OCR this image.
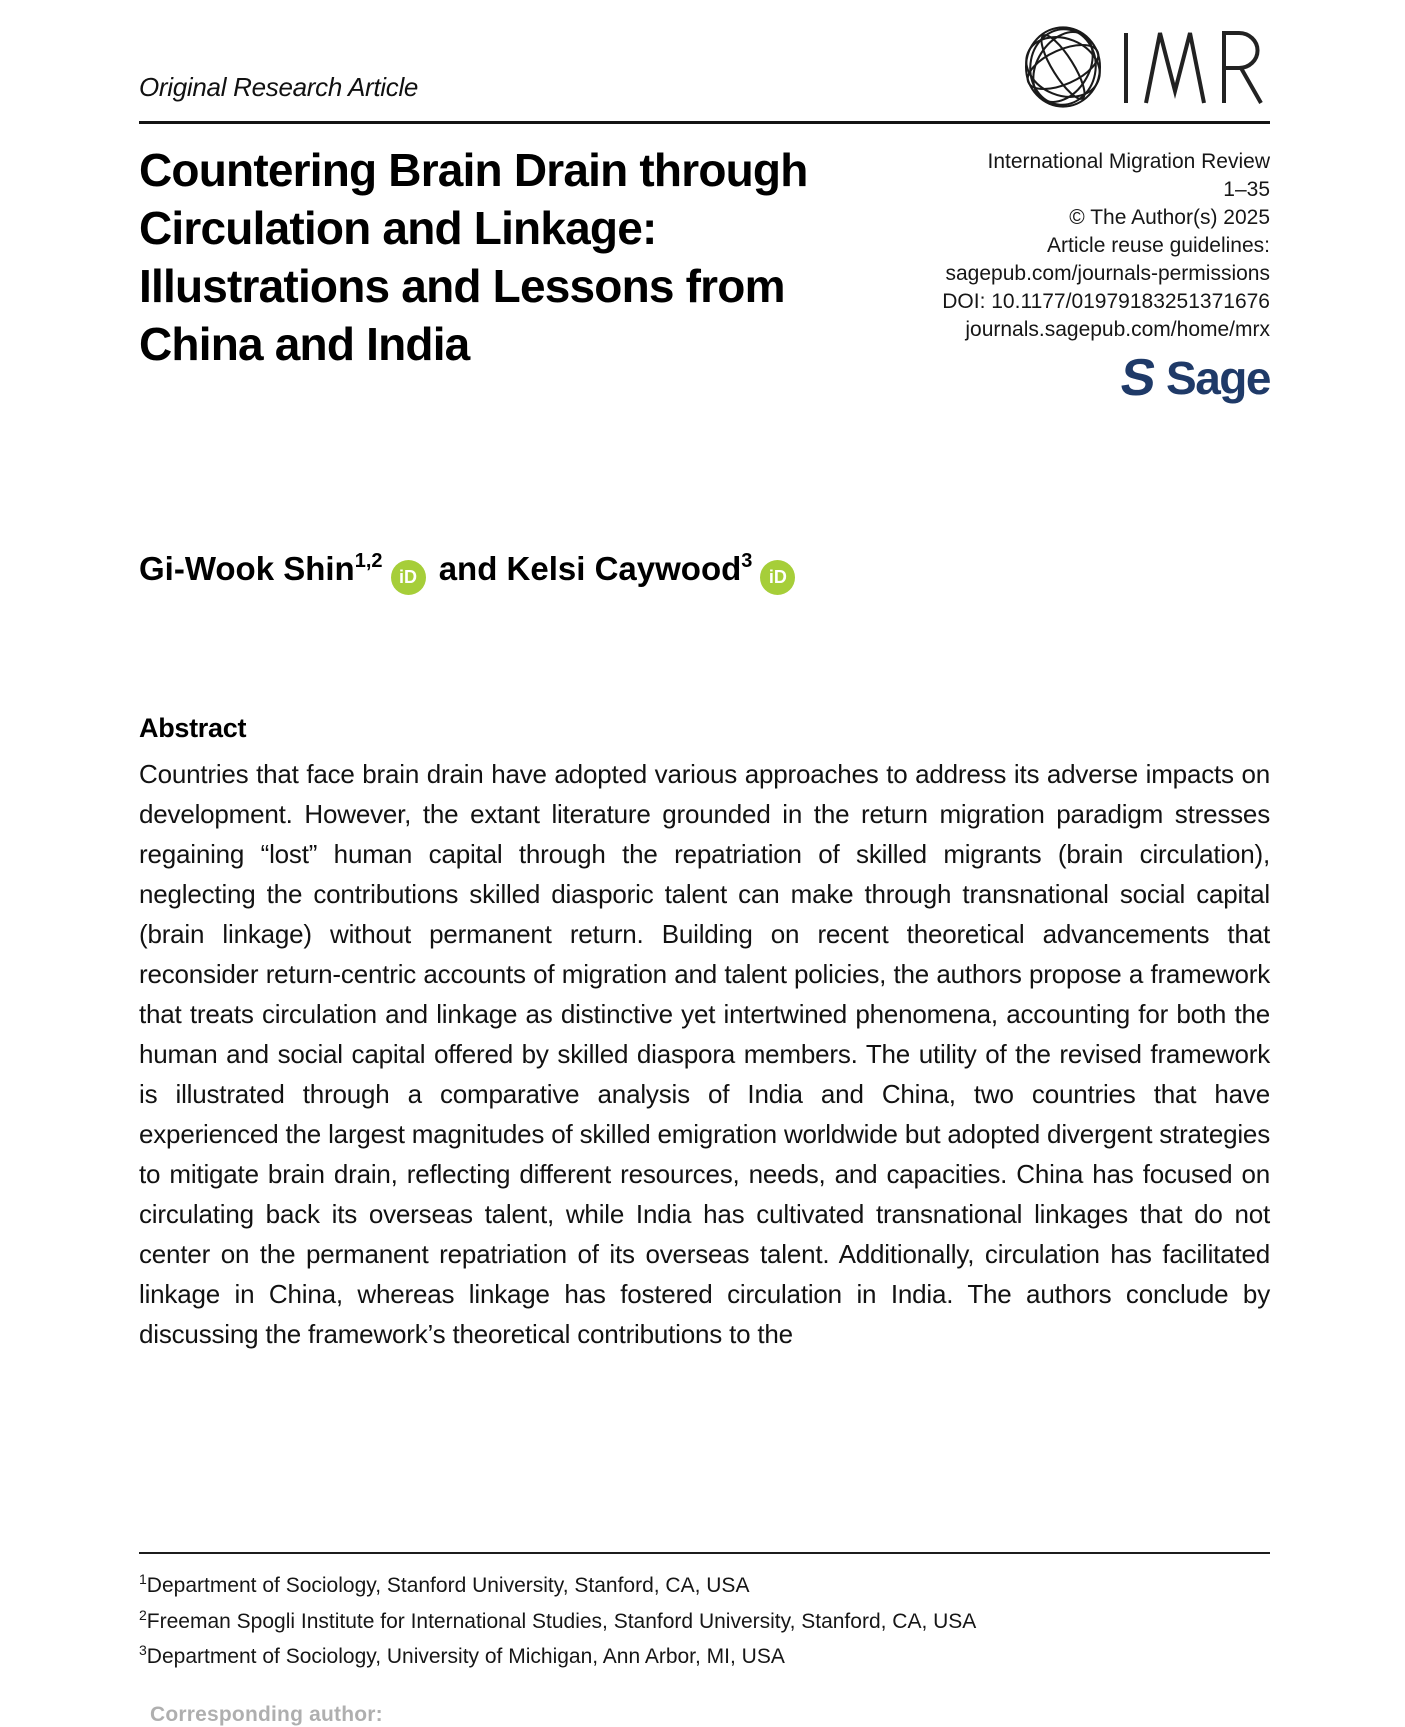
Original Research Article
Countering Brain Drain through Circulation and Linkage: Illustrations and Lessons from China and India
International Migration Review
1–35
© The Author(s) 2025
Article reuse guidelines:
sagepub.com/journals-permissions
DOI: 10.1177/01979183251371676
journals.sagepub.com/home/mrx
S Sage
Gi-Wook Shin$^{1,2}$iD and Kelsi Caywood$^3$iD
Abstract

Countries that face brain drain have adopted various approaches to address its adverse impacts on development. However, the extant literature grounded in the return migration paradigm stresses regaining “lost” human capital through the repatriation of skilled migrants (brain circulation), neglecting the contributions skilled diasporic talent can make through transnational social capital (brain linkage) without permanent return. Building on recent theoretical advancements that reconsider return-centric accounts of migration and talent policies, the authors propose a framework that treats circulation and linkage as distinctive yet intertwined phenomena, accounting for both the human and social capital offered by skilled diaspora members. The utility of the revised framework is illustrated through a comparative analysis of India and China, two countries that have experienced the largest magnitudes of skilled emigration worldwide but adopted divergent strategies to mitigate brain drain, reflecting different resources, needs, and capacities. China has focused on circulating back its overseas talent, while India has cultivated transnational linkages that do not center on the permanent repatriation of its overseas talent. Additionally, circulation has facilitated linkage in China, whereas linkage has fostered circulation in India. The authors conclude by discussing the framework’s theoretical contributions to the

$^1$Department of Sociology, Stanford University, Stanford, CA, USA
$^2$Freeman Spogli Institute for International Studies, Stanford University, Stanford, CA, USA
$^3$Department of Sociology, University of Michigan, Ann Arbor, MI, USA
Corresponding author:
